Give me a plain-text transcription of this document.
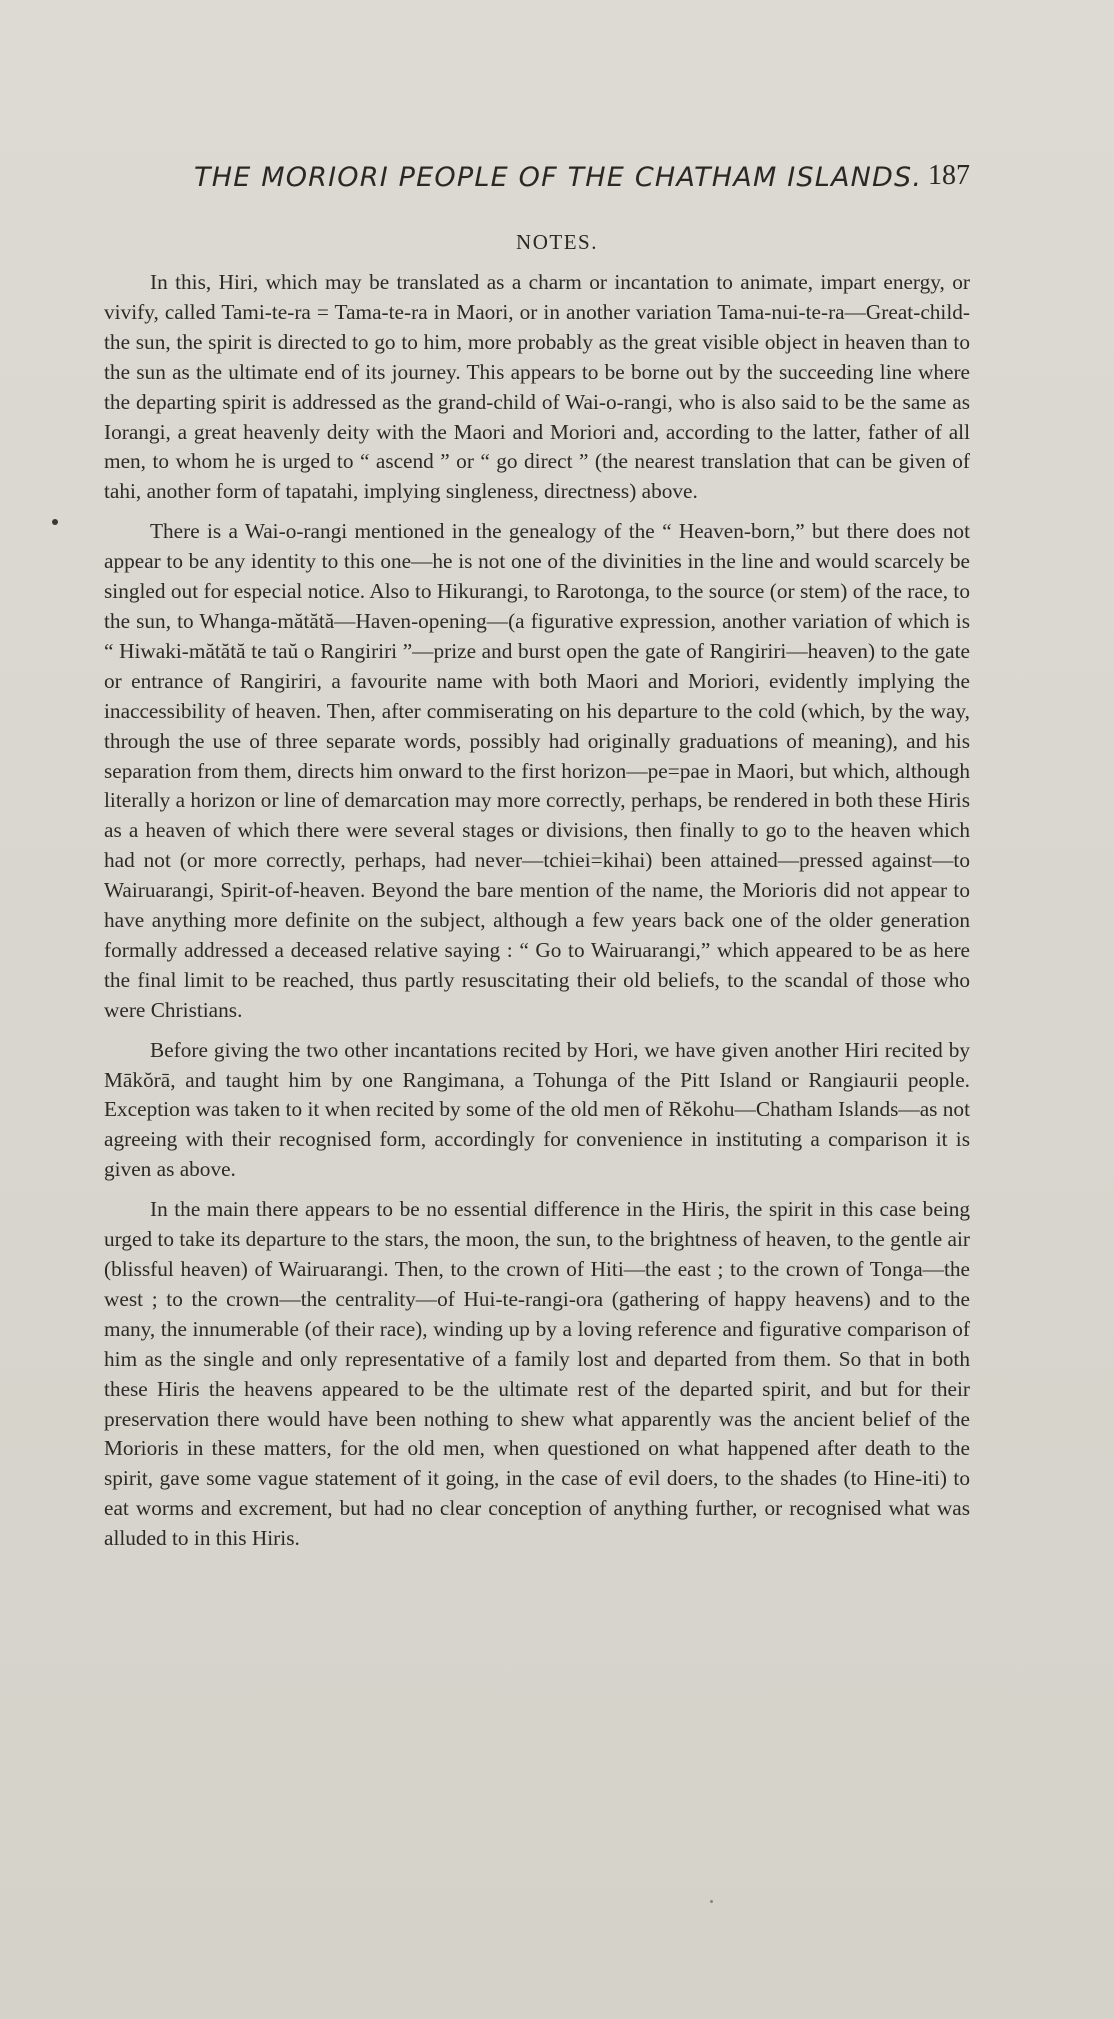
THE MORIORI PEOPLE OF THE CHATHAM ISLANDS. 187
NOTES.

In this, Hiri, which may be translated as a charm or incantation to animate, impart energy, or vivify, called Tami-te-ra = Tama-te-ra in Maori, or in another variation Tama-nui-te-ra—Great-child-the sun, the spirit is directed to go to him, more probably as the great visible object in heaven than to the sun as the ultimate end of its journey. This appears to be borne out by the succeeding line where the departing spirit is addressed as the grand-child of Wai-o-rangi, who is also said to be the same as Iorangi, a great heavenly deity with the Maori and Moriori and, according to the latter, father of all men, to whom he is urged to “ ascend ” or “ go direct ” (the nearest translation that can be given of tahi, another form of tapatahi, implying singleness, directness) above.

There is a Wai-o-rangi mentioned in the genealogy of the “ Heaven-born,” but there does not appear to be any identity to this one—he is not one of the divinities in the line and would scarcely be singled out for especial notice. Also to Hikurangi, to Rarotonga, to the source (or stem) of the race, to the sun, to Whanga-mătătă—Haven-opening—(a figurative expression, another variation of which is “ Hiwaki-mătătă te taŭ o Rangiriri ”—prize and burst open the gate of Rangiriri—heaven) to the gate or entrance of Rangiriri, a favourite name with both Maori and Moriori, evidently implying the inaccessibility of heaven. Then, after commiserating on his departure to the cold (which, by the way, through the use of three separate words, possibly had originally graduations of meaning), and his separation from them, directs him onward to the first horizon—pe=pae in Maori, but which, although literally a horizon or line of demarcation may more correctly, perhaps, be rendered in both these Hiris as a heaven of which there were several stages or divisions, then finally to go to the heaven which had not (or more correctly, perhaps, had never—tchiei=kihai) been attained—pressed against—to Wairuarangi, Spirit-of-heaven. Beyond the bare mention of the name, the Morioris did not appear to have anything more definite on the subject, although a few years back one of the older generation formally addressed a deceased relative saying : “ Go to Wairuarangi,” which appeared to be as here the final limit to be reached, thus partly resuscitating their old beliefs, to the scandal of those who were Christians.

Before giving the two other incantations recited by Hori, we have given another Hiri recited by Mākŏrā, and taught him by one Rangimana, a Tohunga of the Pitt Island or Rangiaurii people. Exception was taken to it when recited by some of the old men of Rĕkohu—Chatham Islands—as not agreeing with their recognised form, accordingly for convenience in instituting a comparison it is given as above.

In the main there appears to be no essential difference in the Hiris, the spirit in this case being urged to take its departure to the stars, the moon, the sun, to the brightness of heaven, to the gentle air (blissful heaven) of Wairuarangi. Then, to the crown of Hiti—the east ; to the crown of Tonga—the west ; to the crown—the centrality—of Hui-te-rangi-ora (gathering of happy heavens) and to the many, the innumerable (of their race), winding up by a loving reference and figurative comparison of him as the single and only representative of a family lost and departed from them. So that in both these Hiris the heavens appeared to be the ultimate rest of the departed spirit, and but for their preservation there would have been nothing to shew what apparently was the ancient belief of the Morioris in these matters, for the old men, when questioned on what happened after death to the spirit, gave some vague statement of it going, in the case of evil doers, to the shades (to Hine-iti) to eat worms and excrement, but had no clear conception of anything further, or recognised what was alluded to in this Hiris.
